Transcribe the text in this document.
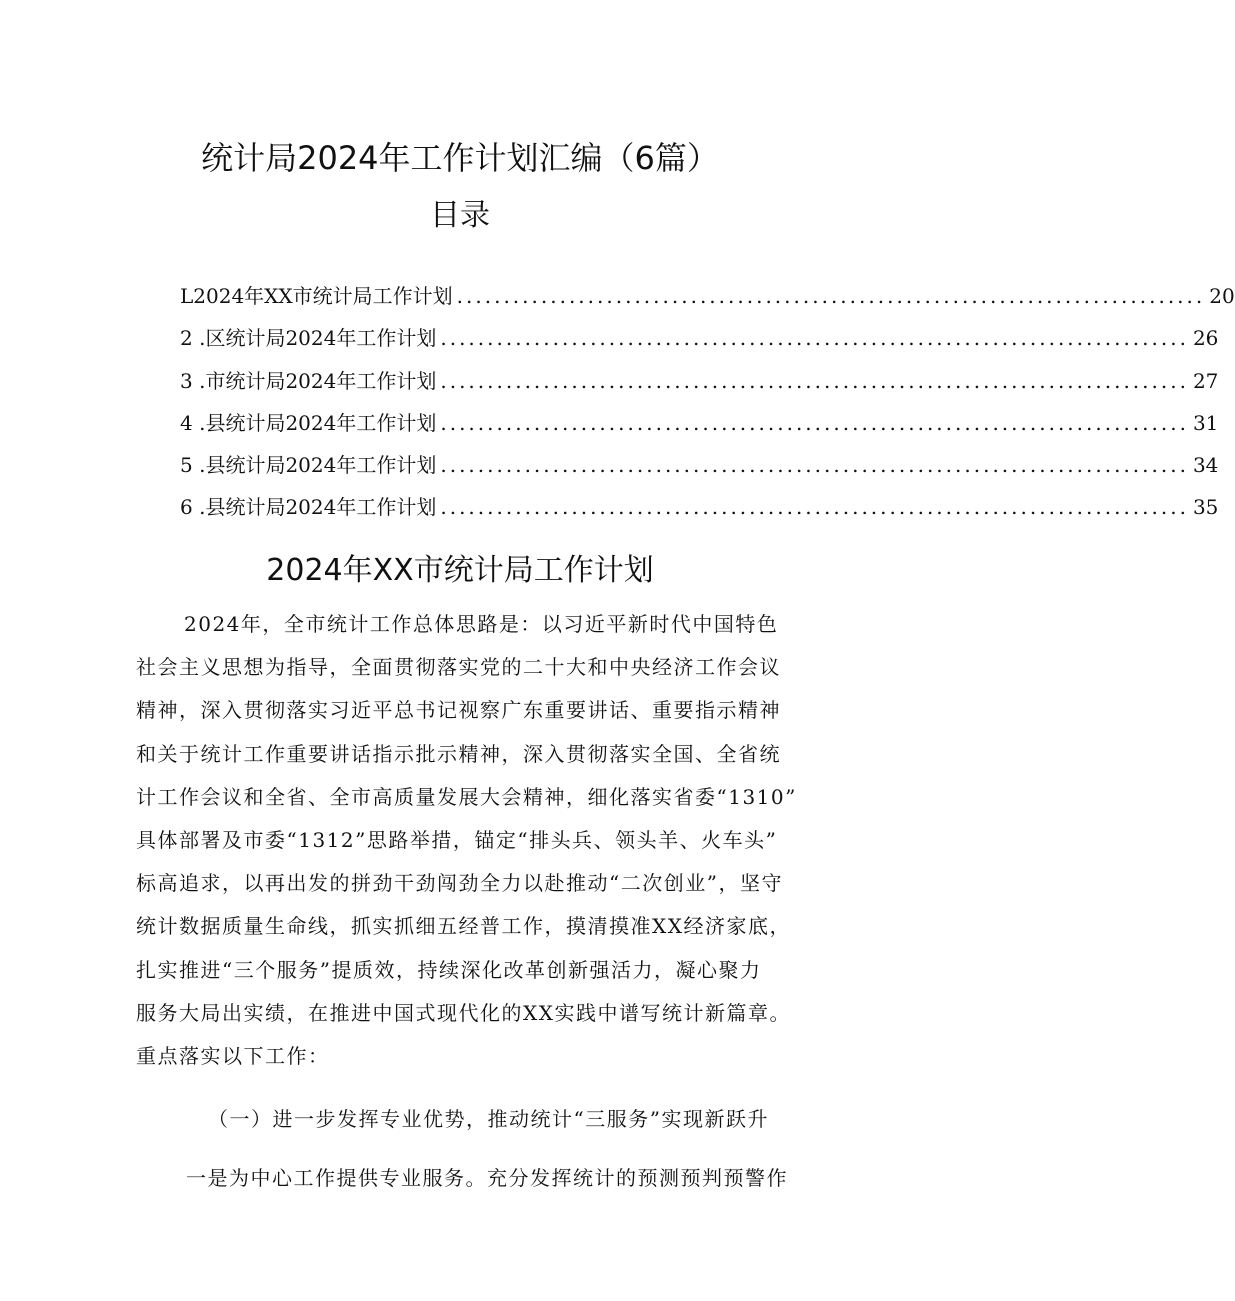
统计局2024年工作计划汇编（6篇）
目录
L 2024年XX市统计局工作计划 ................................................................................ 20
2 . 区统计局2024年工作计划 ................................................................................ 26
3 . 市统计局2024年工作计划 ................................................................................ 27
4 . 县统计局2024年工作计划 ................................................................................ 31
5 . 县统计局2024年工作计划 ................................................................................ 34
6 . 县统计局2024年工作计划 ................................................................................ 35
2024年XX市统计局工作计划
2024年，全市统计工作总体思路是：以习近平新时代中国特色
社会主义思想为指导，全面贯彻落实党的二十大和中央经济工作会议
精神，深入贯彻落实习近平总书记视察广东重要讲话、重要指示精神
和关于统计工作重要讲话指示批示精神，深入贯彻落实全国、全省统
计工作会议和全省、全市高质量发展大会精神，细化落实省委“1310”
具体部署及市委“1312”思路举措，锚定“排头兵、领头羊、火车头”
标高追求，以再出发的拼劲干劲闯劲全力以赴推动“二次创业”，坚守
统计数据质量生命线，抓实抓细五经普工作，摸清摸准XX经济家底，
扎实推进“三个服务”提质效，持续深化改革创新强活力，凝心聚力
服务大局出实绩，在推进中国式现代化的XX实践中谱写统计新篇章。
重点落实以下工作：
（一）进一步发挥专业优势，推动统计“三服务”实现新跃升
一是为中心工作提供专业服务。充分发挥统计的预测预判预警作
